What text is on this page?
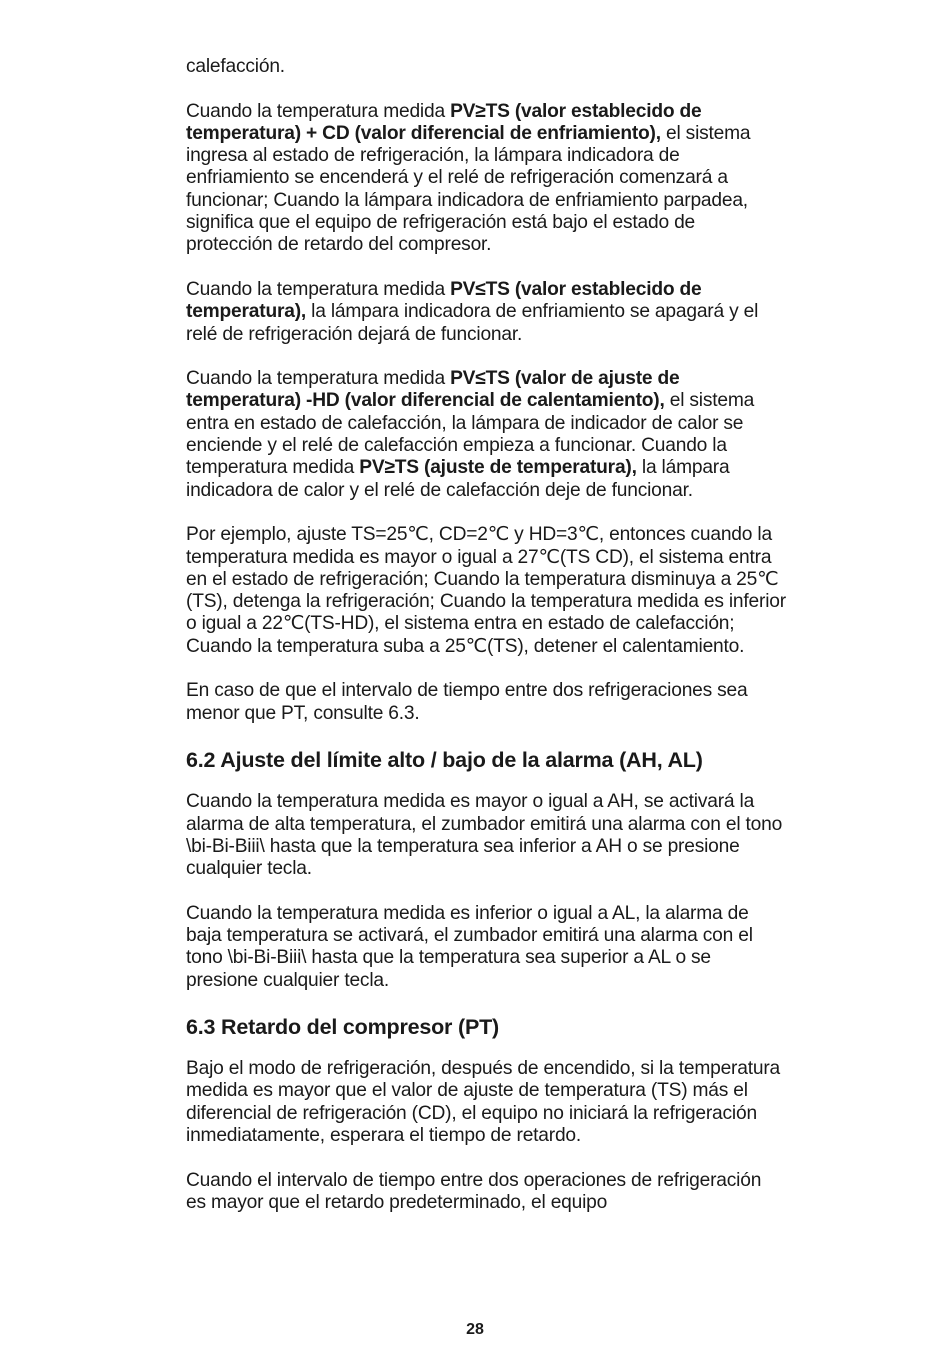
calefacción.

Cuando la temperatura medida PV≥TS (valor establecido de temperatura) + CD (valor diferencial de enfriamiento), el sistema ingresa al estado de refrigeración, la lámpara indicadora de enfriamiento se encenderá y el relé de refrigeración comenzará a funcionar; Cuando la lámpara indicadora de enfriamiento parpadea, significa que el equipo de refrigeración está bajo el estado de protección de retardo del compresor.

Cuando la temperatura medida PV≤TS (valor establecido de temperatura), la lámpara indicadora de enfriamiento se apagará y el relé de refrigeración dejará de funcionar.

Cuando la temperatura medida PV≤TS (valor de ajuste de temperatura) -HD (valor diferencial de calentamiento), el sistema entra en estado de calefacción, la lámpara de indicador de calor se enciende y el relé de calefacción empieza a funcionar. Cuando la temperatura medida PV≥TS (ajuste de temperatura), la lámpara indicadora de calor y el relé de calefacción deje de funcionar.

Por ejemplo, ajuste TS=25℃, CD=2℃ y HD=3℃, entonces cuando la temperatura medida es mayor o igual a 27℃(TS CD), el sistema entra en el estado de refrigeración; Cuando la temperatura disminuya a 25℃(TS), detenga la refrigeración; Cuando la temperatura medida es inferior o igual a 22℃(TS-HD), el sistema entra en estado de calefacción; Cuando la temperatura suba a 25℃(TS), detener el calentamiento.

En caso de que el intervalo de tiempo entre dos refrigeraciones sea menor que PT, consulte 6.3.

6.2 Ajuste del límite alto / bajo de la alarma (AH, AL)

Cuando la temperatura medida es mayor o igual a AH, se activará la alarma de alta temperatura, el zumbador emitirá una alarma con el tono \bi-Bi-Biii\ hasta que la temperatura sea inferior a AH o se presione cualquier tecla.

Cuando la temperatura medida es inferior o igual a AL, la alarma de baja temperatura se activará, el zumbador emitirá una alarma con el tono \bi-Bi-Biii\ hasta que la temperatura sea superior a AL o se presione cualquier tecla.

6.3 Retardo del compresor (PT)

Bajo el modo de refrigeración, después de encendido, si la temperatura medida es mayor que el valor de ajuste de temperatura (TS) más el diferencial de refrigeración (CD), el equipo no iniciará la refrigeración inmediatamente, esperara el tiempo de retardo.

Cuando el intervalo de tiempo entre dos operaciones de refrigeración es mayor que el retardo predeterminado, el equipo

28
